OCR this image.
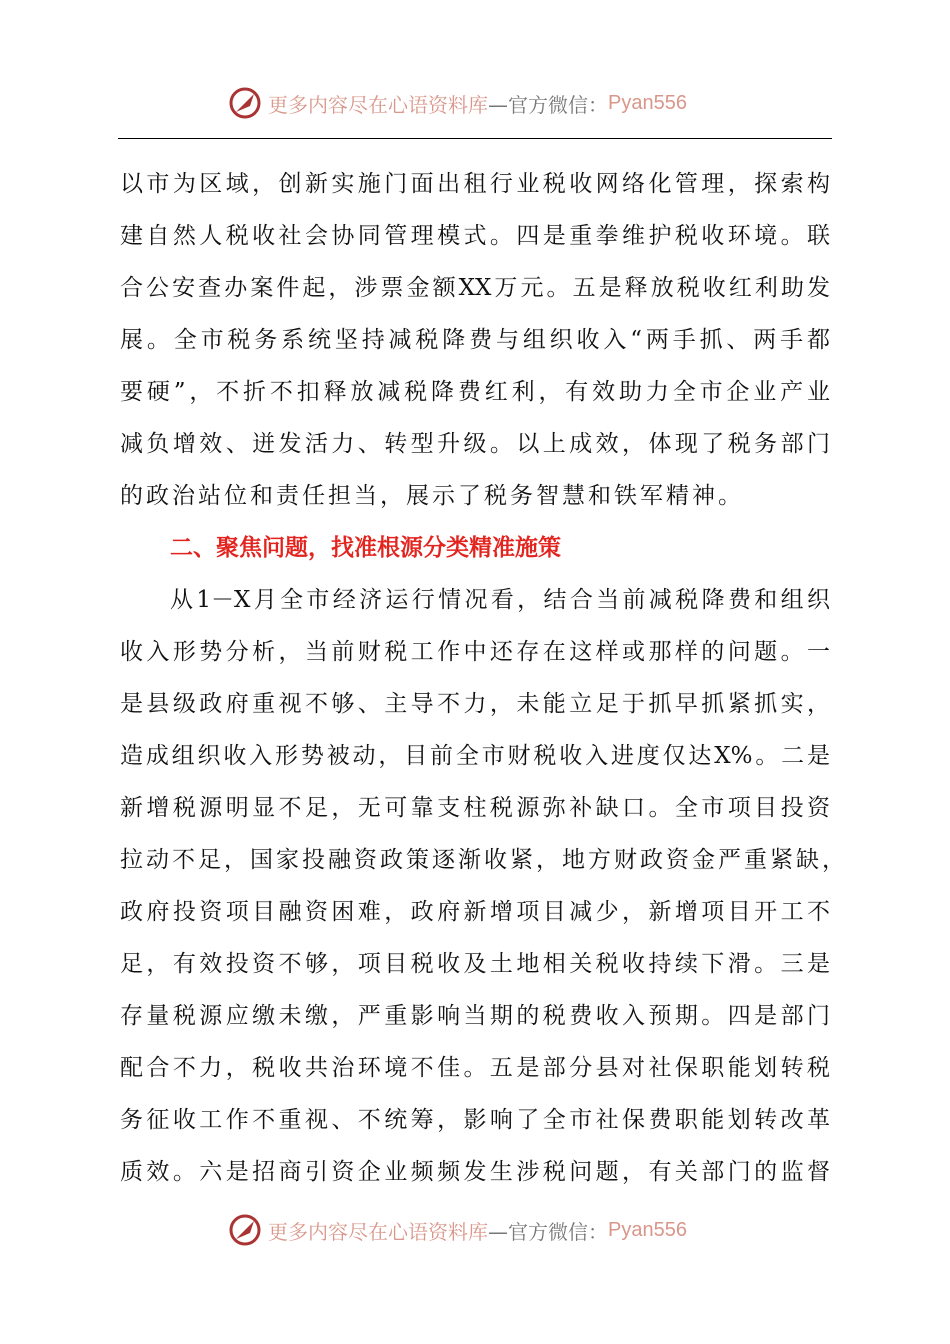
更多内容尽在心语资料库 —官方微信： Pyan556
以市为区域，创新实施门面出租行业税收网络化管理，探索构
建自然人税收社会协同管理模式。四是重拳维护税收环境。联
合公安查办案件起，涉票金额XX万元。五是释放税收红利助发
展。全市税务系统坚持减税降费与组织收入“两手抓、两手都
要硬”，不折不扣释放减税降费红利，有效助力全市企业产业
减负增效、迸发活力、转型升级。以上成效，体现了税务部门
的政治站位和责任担当，展示了税务智慧和铁军精神。
二、聚焦问题，找准根源分类精准施策
从1－X月全市经济运行情况看，结合当前减税降费和组织
收入形势分析，当前财税工作中还存在这样或那样的问题。一
是县级政府重视不够、主导不力，未能立足于抓早抓紧抓实，
造成组织收入形势被动，目前全市财税收入进度仅达X%。二是
新增税源明显不足，无可靠支柱税源弥补缺口。全市项目投资
拉动不足，国家投融资政策逐渐收紧，地方财政资金严重紧缺，
政府投资项目融资困难，政府新增项目减少，新增项目开工不
足，有效投资不够，项目税收及土地相关税收持续下滑。三是
存量税源应缴未缴，严重影响当期的税费收入预期。四是部门
配合不力，税收共治环境不佳。五是部分县对社保职能划转税
务征收工作不重视、不统筹，影响了全市社保费职能划转改革
质效。六是招商引资企业频频发生涉税问题，有关部门的监督
更多内容尽在心语资料库 —官方微信： Pyan556
